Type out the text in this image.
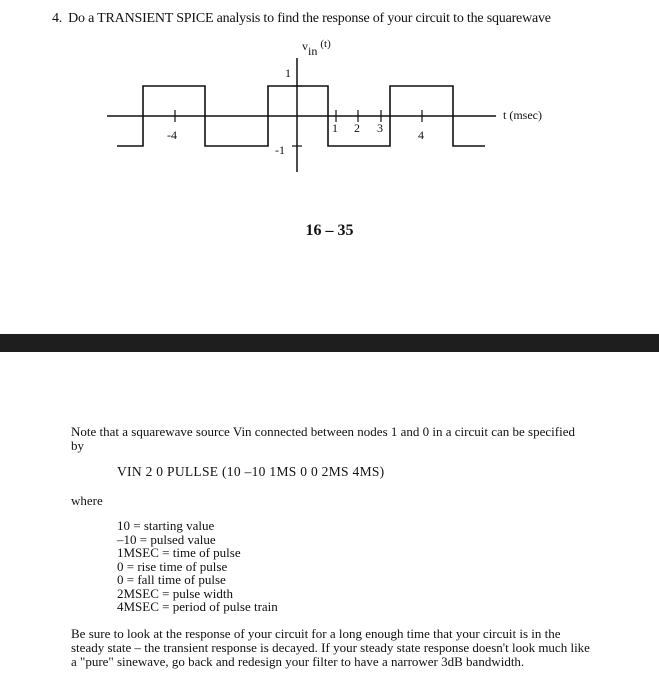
4. Do a TRANSIENT SPICE analysis to find the response of your circuit to the squarewave
vin (t)
t (msec)
1
-1
-4	1 2 3	4
16 – 35
Note that a squarewave source Vin connected between nodes 1 and 0 in a circuit can be specified by
VIN 2 0 PULLSE (10 –10 1MS 0 0 2MS 4MS)
where
10 = starting value
–10 = pulsed value
1MSEC = time of pulse
0 = rise time of pulse
0 = fall time of pulse
2MSEC = pulse width
4MSEC = period of pulse train
Be sure to look at the response of your circuit for a long enough time that your circuit is in the steady state – the transient response is decayed. If your steady state response doesn't look much like a "pure" sinewave, go back and redesign your filter to have a narrower 3dB bandwidth.
